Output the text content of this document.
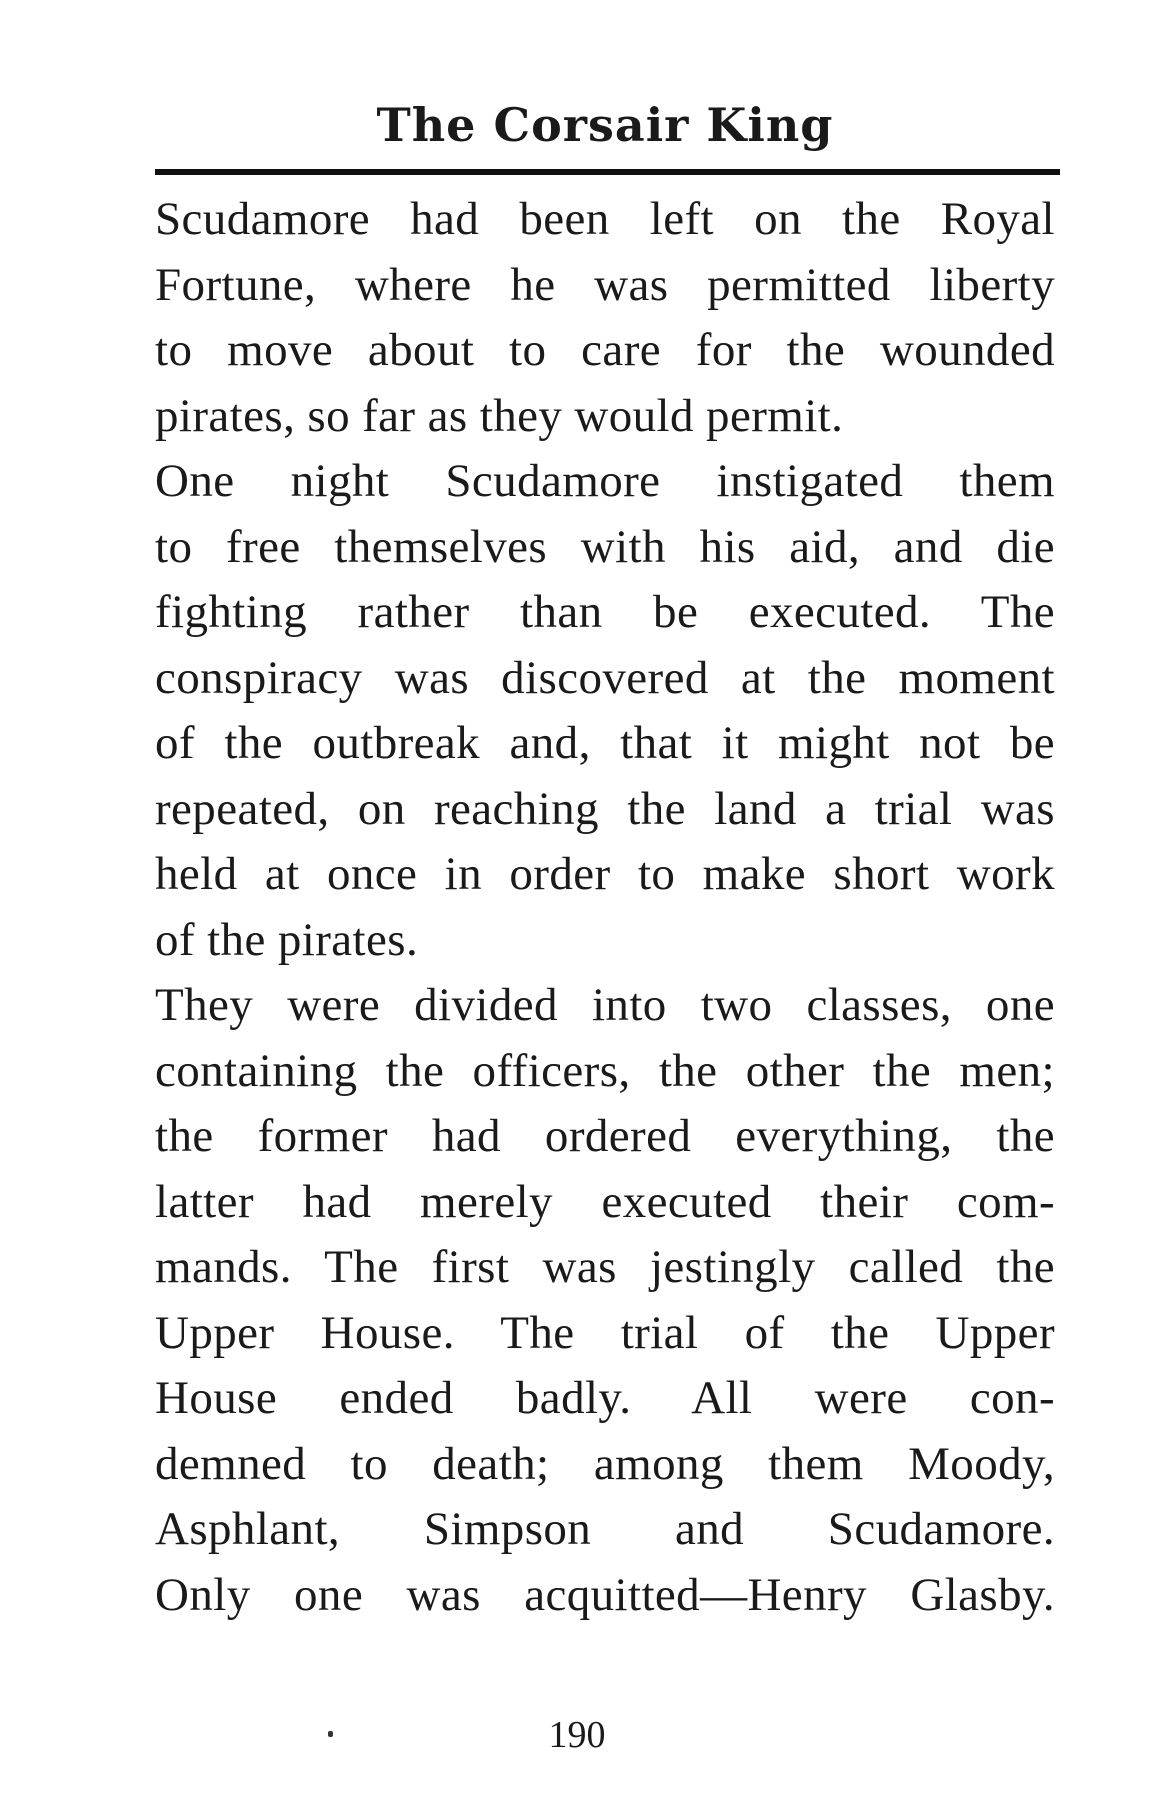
The Corsair King
Scudamore had been left on the Royal
Fortune, where he was permitted liberty
to move about to care for the wounded
pirates, so far as they would permit.
One night Scudamore instigated them
to free themselves with his aid, and die
fighting rather than be executed. The
conspiracy was discovered at the moment
of the outbreak and, that it might not be
repeated, on reaching the land a trial was
held at once in order to make short work
of the pirates.
They were divided into two classes, one
containing the officers, the other the men;
the former had ordered everything, the
latter had merely executed their com-
mands. The first was jestingly called the
Upper House. The trial of the Upper
House ended badly. All were con-
demned to death; among them Moody,
Asphlant, Simpson and Scudamore.
Only one was acquitted—Henry Glasby.
190
